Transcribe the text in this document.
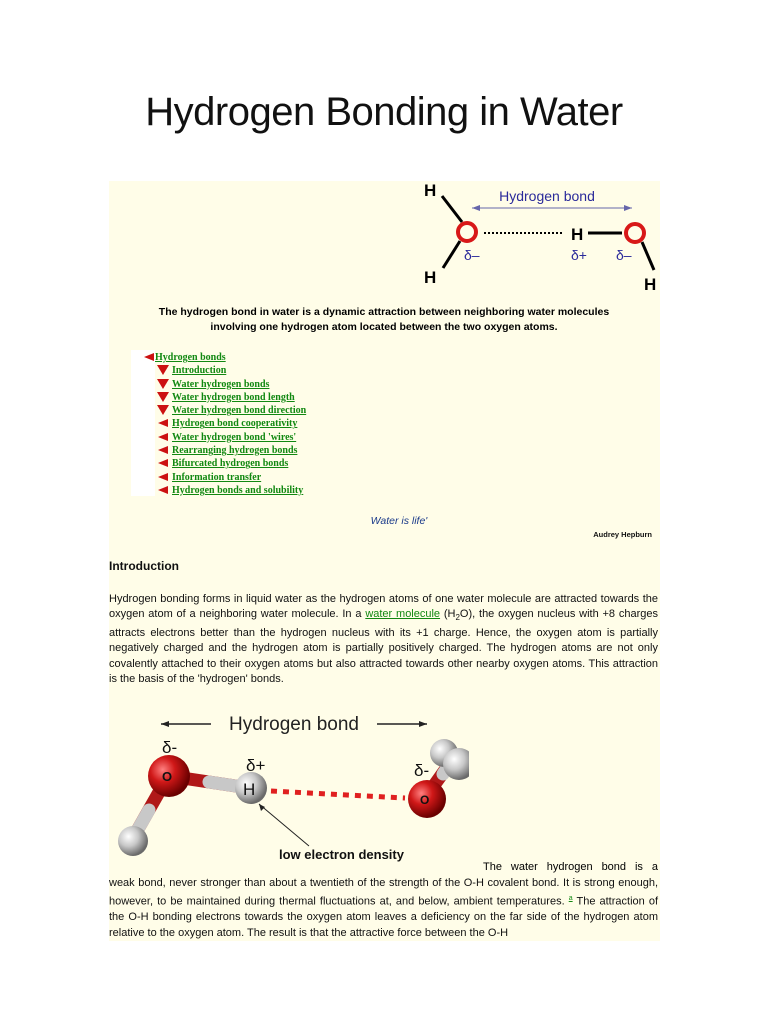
Hydrogen Bonding in Water
H
H
δ–
Hydrogen bond
H
H
δ+ δ–
The hydrogen bond in water is a dynamic attraction between neighboring water molecules
involving one hydrogen atom located between the two oxygen atoms.
Hydrogen bonds
Introduction
Water hydrogen bonds
Water hydrogen bond length
Water hydrogen bond direction
Hydrogen bond cooperativity
Water hydrogen bond 'wires'
Rearranging hydrogen bonds
Bifurcated hydrogen bonds
Information transfer
Hydrogen bonds and solubility
Water is life'
Audrey Hepburn
Introduction

Hydrogen bonding forms in liquid water as the hydrogen atoms of one water molecule are attracted towards the oxygen atom of a neighboring water molecule. In a water molecule $(H_2O)$, the oxygen nucleus with +8 charges attracts electrons better than the hydrogen nucleus with its +1 charge. Hence, the oxygen atom is partially negatively charged and the hydrogen atom is partially positively charged. The hydrogen atoms are not only covalently attached to their oxygen atoms but also attracted towards other nearby oxygen atoms. This attraction is the basis of the 'hydrogen' bonds.

Hydrogen bond
O
H
δ-
δ+
O
δ-
low electron density
The water hydrogen bond is a

weak bond, never stronger than about a twentieth of the strength of the O-H covalent bond. It is strong enough, however, to be maintained during thermal fluctuations at, and below, ambient temperatures. $^a$ The attraction of the O-H bonding electrons towards the oxygen atom leaves a deficiency on the far side of the hydrogen atom relative to the oxygen atom. The result is that the attractive force between the O-H
